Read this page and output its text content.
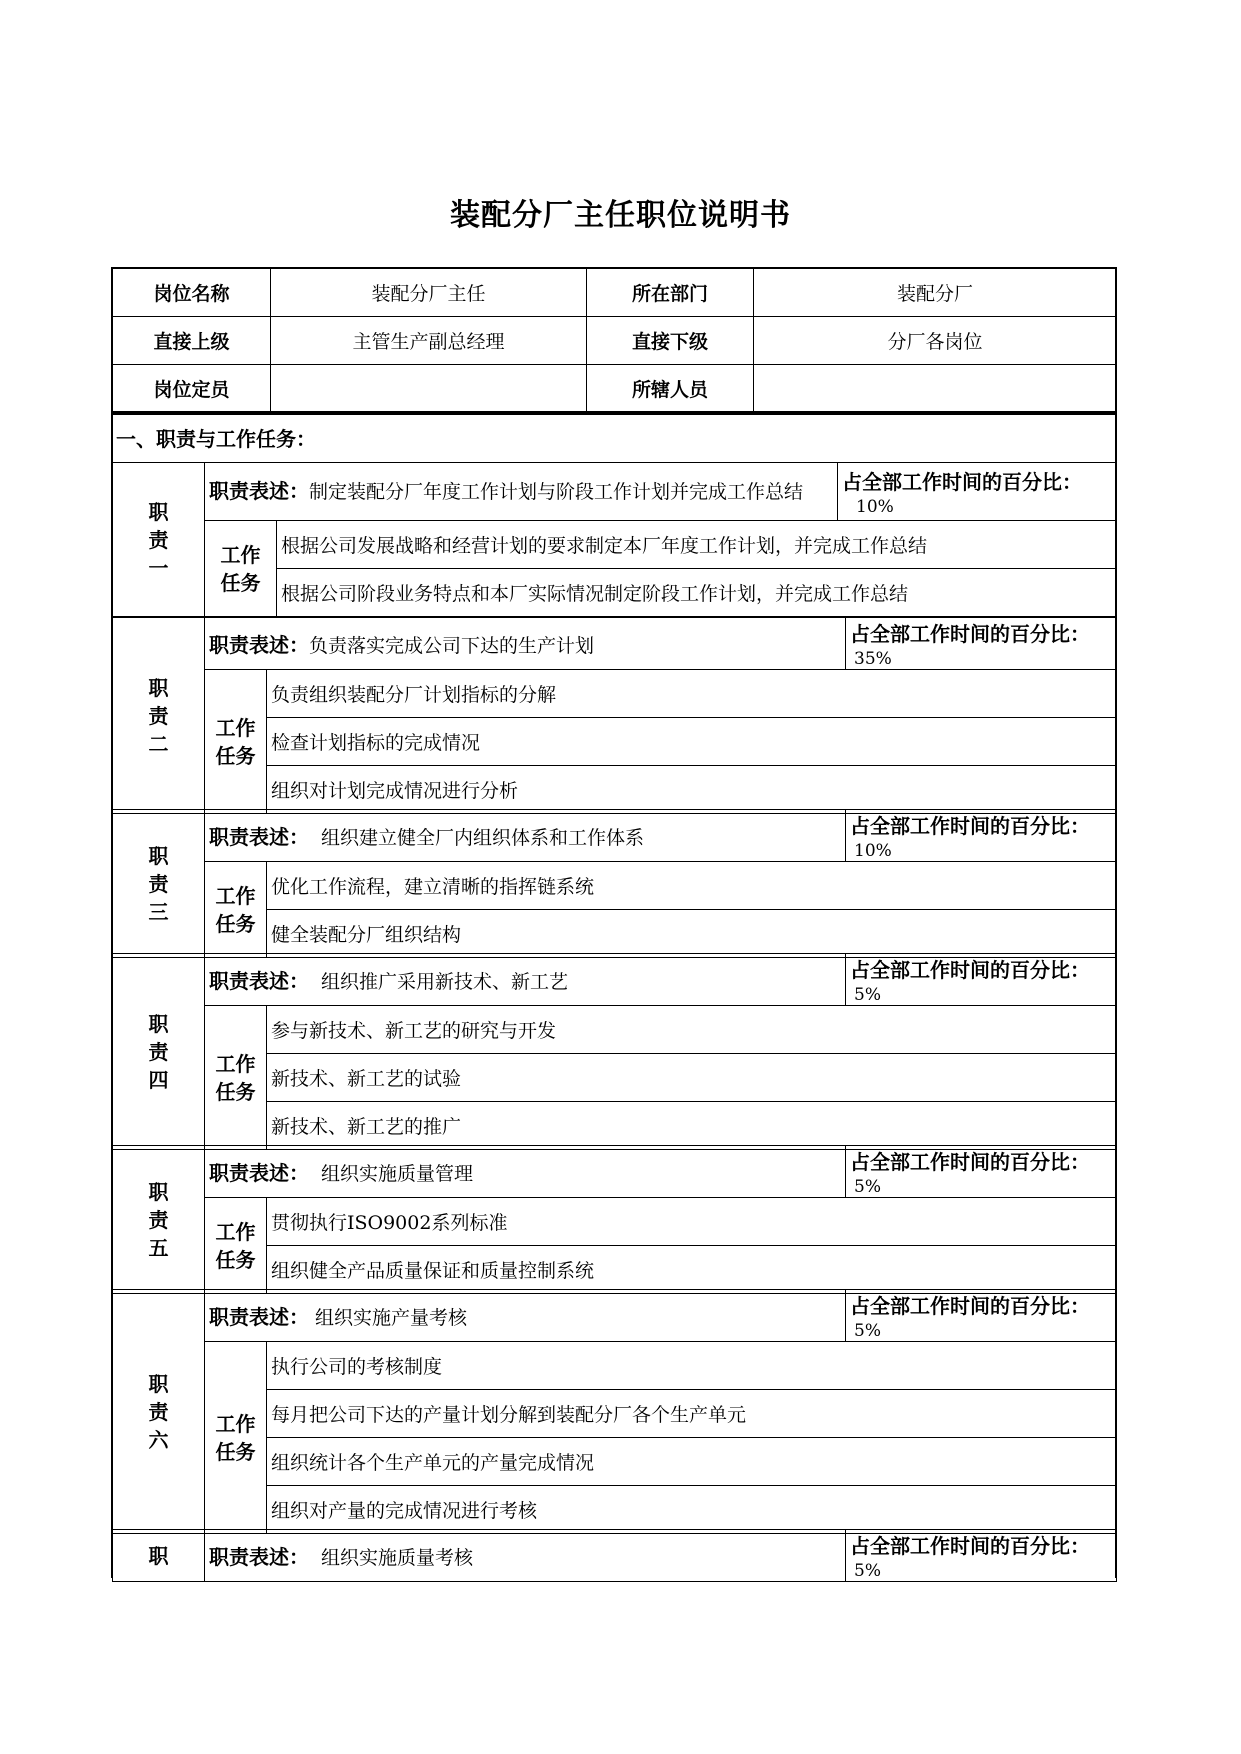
装配分厂主任职位说明书
岗位名称	装配分厂主任	所在部门	装配分厂
直接上级	主管生产副总经理	直接下级	分厂各岗位
岗位定员		所辖人员	
一、职责与工作任务：
职
责
一	职责表述：制定装配分厂年度工作计划与阶段工作计划并完成工作总结		占全部工作时间的百分比：10%

	工作
任务	根据公司发展战略和经营计划的要求制定本厂年度工作计划，并完成工作总结	
		根据公司阶段业务特点和本厂实际情况制定阶段工作计划，并完成工作总结	
职
责
二	职责表述：负责落实完成公司下达的生产计划		占全部工作时间的百分比：35%

	工作
任务	负责组织装配分厂计划指标的分解	
		检查计划指标的完成情况	
		组织对计划完成情况进行分析	
职
责
三	职责表述： 组织建立健全厂内组织体系和工作体系		占全部工作时间的百分比：10%

	工作
任务	优化工作流程，建立清晰的指挥链系统	
		健全装配分厂组织结构	
职
责
四	职责表述： 组织推广采用新技术、新工艺		占全部工作时间的百分比：5%

	工作
任务	参与新技术、新工艺的研究与开发	
		新技术、新工艺的试验	
		新技术、新工艺的推广	
职
责
五	职责表述： 组织实施质量管理		占全部工作时间的百分比：5%

	工作
任务	贯彻执行ISO9002系列标准	
		组织健全产品质量保证和质量控制系统	
职
责
六	职责表述： 组织实施产量考核		占全部工作时间的百分比：5%

	工作
任务	执行公司的考核制度	
		每月把公司下达的产量计划分解到装配分厂各个生产单元	
		组织统计各个生产单元的产量完成情况	
		组织对产量的完成情况进行考核	
职	职责表述： 组织实施质量考核	占全部工作时间的百分比：5%
